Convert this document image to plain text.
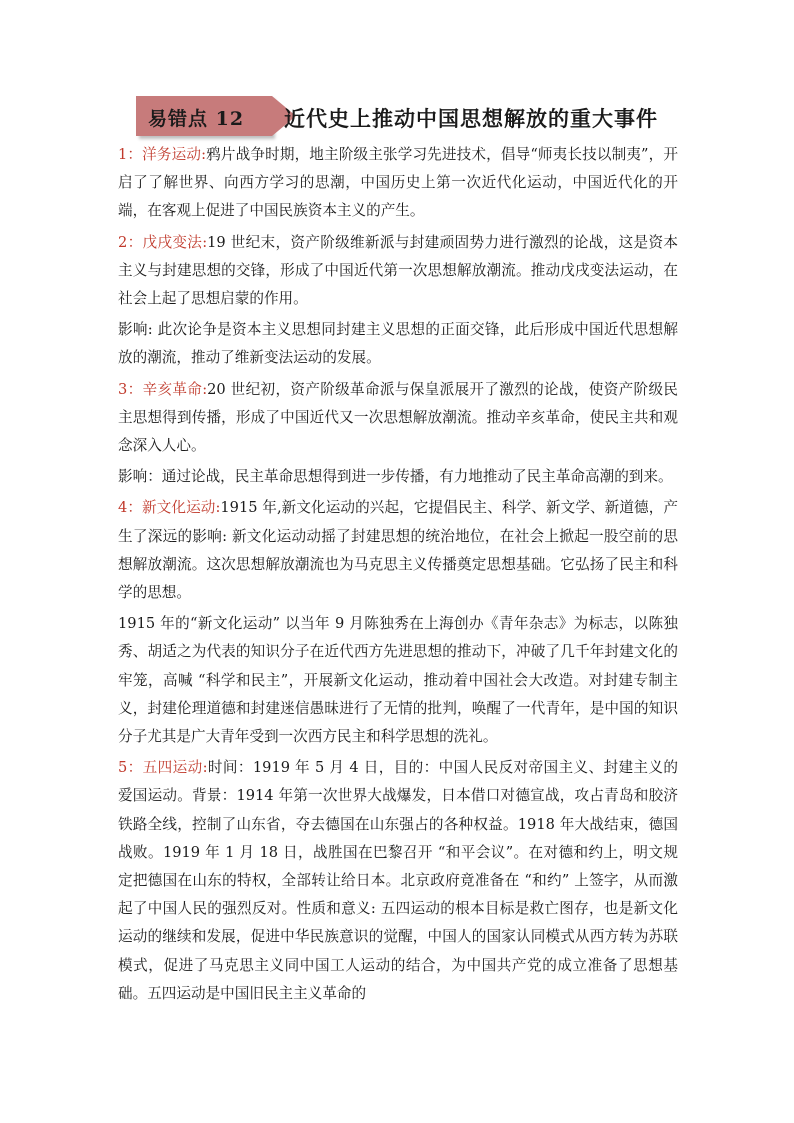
易错点 12 近代史上推动中国思想解放的重大事件

1：洋务运动:鸦片战争时期，地主阶级主张学习先进技术，倡导“师夷长技以制夷”，开启了了解世界、向西方学习的思潮，中国历史上第一次近代化运动，中国近代化的开端，在客观上促进了中国民族资本主义的产生。

2：戊戌变法:19 世纪末，资产阶级维新派与封建顽固势力进行激烈的论战，这是资本主义与封建思想的交锋，形成了中国近代第一次思想解放潮流。推动戊戌变法运动，在社会上起了思想启蒙的作用。

影响: 此次论争是资本主义思想同封建主义思想的正面交锋，此后形成中国近代思想解放的潮流，推动了维新变法运动的发展。

3：辛亥革命:20 世纪初，资产阶级革命派与保皇派展开了激烈的论战，使资产阶级民主思想得到传播，形成了中国近代又一次思想解放潮流。推动辛亥革命，使民主共和观念深入人心。

影响：通过论战，民主革命思想得到进一步传播，有力地推动了民主革命高潮的到来。

4：新文化运动:1915 年,新文化运动的兴起，它提倡民主、科学、新文学、新道德，产生了深远的影响: 新文化运动动摇了封建思想的统治地位，在社会上掀起一股空前的思想解放潮流。这次思想解放潮流也为马克思主义传播奠定思想基础。它弘扬了民主和科学的思想。

1915 年的“新文化运动” 以当年 9 月陈独秀在上海创办《青年杂志》为标志，以陈独秀、胡适之为代表的知识分子在近代西方先进思想的推动下，冲破了几千年封建文化的牢笼，高喊 “科学和民主”，开展新文化运动，推动着中国社会大改造。对封建专制主义，封建伦理道德和封建迷信愚昧进行了无情的批判，唤醒了一代青年，是中国的知识分子尤其是广大青年受到一次西方民主和科学思想的洗礼。

5：五四运动:时间：1919 年 5 月 4 日，目的：中国人民反对帝国主义、封建主义的爱国运动。背景：1914 年第一次世界大战爆发，日本借口对德宣战，攻占青岛和胶济铁路全线，控制了山东省，夺去德国在山东强占的各种权益。1918 年大战结束，德国战败。1919 年 1 月 18 日，战胜国在巴黎召开 “和平会议”。在对德和约上，明文规定把德国在山东的特权，全部转让给日本。北京政府竟准备在 “和约” 上签字，从而激起了中国人民的强烈反对。性质和意义: 五四运动的根本目标是救亡图存，也是新文化运动的继续和发展，促进中华民族意识的觉醒，中国人的国家认同模式从西方转为苏联模式，促进了马克思主义同中国工人运动的结合，为中国共产党的成立准备了思想基础。五四运动是中国旧民主主义革命的
